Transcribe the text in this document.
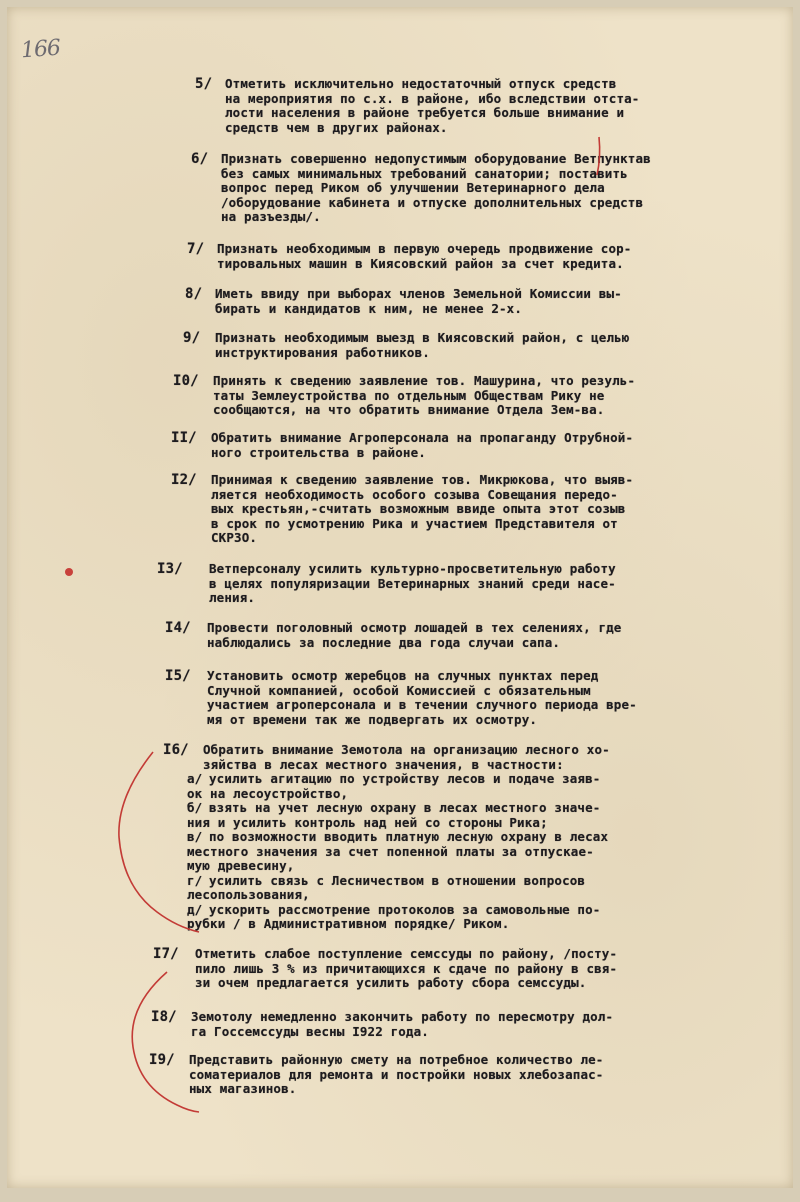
166
5/ Отметить исключительно недостаточный отпуск средств
на мероприятия по с.х. в районе, ибо вследствии отста-
лости населения в районе требуется больше внимание и
средств чем в других районах.
6/ Признать совершенно недопустимым оборудование Ветпунктав
без самых минимальных требований санатории; поставить
вопрос перед Риком об улучшении Ветеринарного дела
/оборудование кабинета и отпуске дополнительных средств
на разъезды/.
7/ Признать необходимым в первую очередь продвижение сор-
тировальных машин в Киясовский район за счет кредита.
8/ Иметь ввиду при выборах членов Земельной Комиссии вы-
бирать и кандидатов к ним, не менее 2-х.
9/ Признать необходимым выезд в Киясовский район, с целью
инструктирования работников.
I0/ Принять к сведению заявление тов. Машурина, что резуль-
таты Землеустройства по отдельным Обществам Рику не
сообщаются, на что обратить внимание Отдела Зем-ва.
II/ Обратить внимание Агроперсонала на пропаганду Отрубной-
ного строительства в районе.
I2/ Принимая к сведению заявление тов. Микрюкова, что выяв-
ляется необходимость особого созыва Совещания передо-
вых крестьян,-считать возможным ввиде опыта этот созыв
в срок по усмотрению Рика и участием Представителя от
СКРЗО.
I3/ Ветперсоналу усилить культурно-просветительную работу
в целях популяризации Ветеринарных знаний среди насе-
ления.
I4/ Провести поголовный осмотр лошадей в тех селениях, где
наблюдались за последние два года случаи сапа.
I5/ Установить осмотр жеребцов на случных пунктах перед
Случной компанией, особой Комиссией с обязательным
участием агроперсонала и в течении случного периода вре-
мя от времени так же подвергать их осмотру.
I6/ Обратить внимание Земотола на организацию лесного хо-
зяйства в лесах местного значения, в частности:
а/ усилить агитацию по устройству лесов и подаче заяв-
ок на лесоустройство,
б/ взять на учет лесную охрану в лесах местного значе-
ния и усилить контроль над ней со стороны Рика;
в/ по возможности вводить платную лесную охрану в лесах
местного значения за счет попенной платы за отпускае-
мую древесину,
г/ усилить связь с Лесничеством в отношении вопросов
лесопользования,
д/ ускорить рассмотрение протоколов за самовольные по-
рубки / в Административном порядке/ Риком.
I7/ Отметить слабое поступление семссуды по району, /посту-
пило лишь 3 % из причитающихся к сдаче по району в свя-
зи очем предлагается усилить работу сбора семссуды.
I8/ Земотолу немедленно закончить работу по пересмотру дол-
га Госсемссуды весны I922 года.
I9/ Представить районную смету на потребное количество ле-
соматериалов для ремонта и постройки новых хлебозапас-
ных магазинов.
